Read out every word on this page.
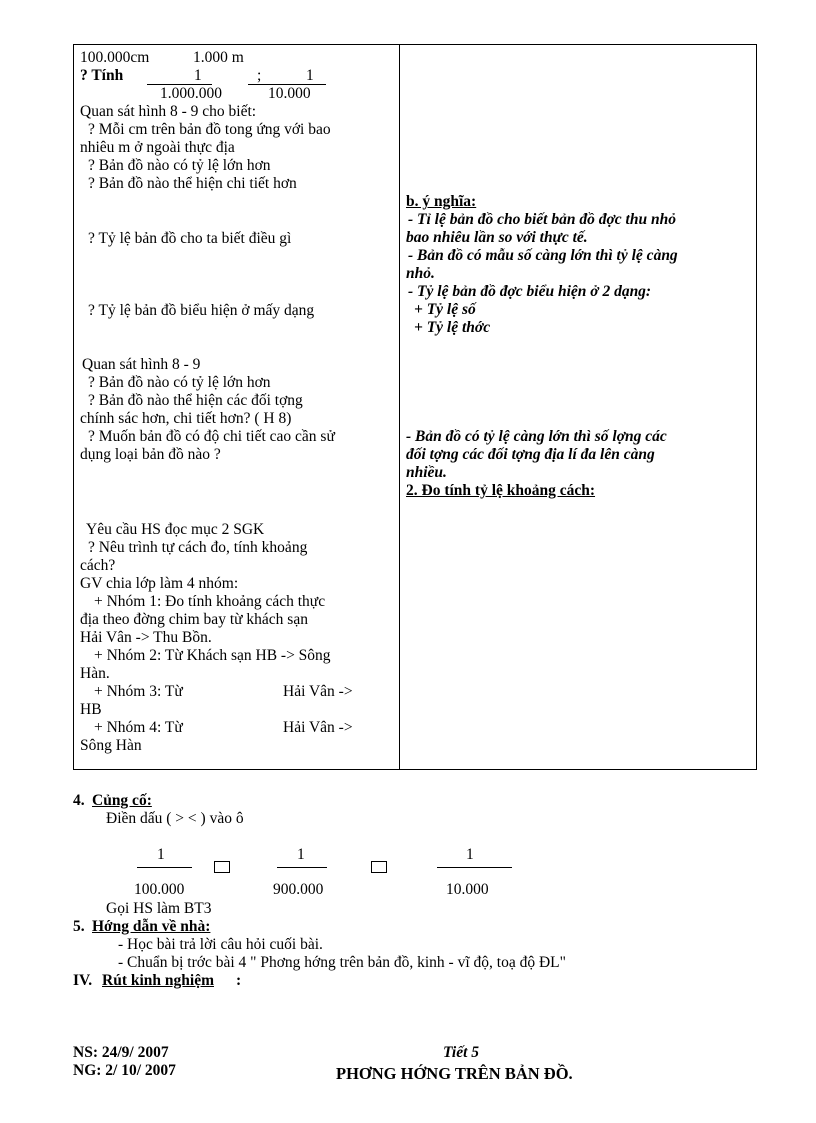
100.000cm	1.000 m
? Tính	1	;	1
1.000.000	10.000
Quan sát hình 8 - 9 cho biết:
? Mỗi cm trên bản đồ tong ứng với bao
nhiêu m ở ngoài thực địa
? Bản đồ nào có tỷ lệ lớn hơn
? Bản đồ nào thể hiện chi tiết hơn
? Tỷ lệ bản đồ cho ta biết điều gì
? Tỷ lệ bản đồ biểu hiện ở mấy dạng
Quan sát hình 8 - 9
? Bản đồ nào có tỷ lệ lớn hơn
? Bản đồ nào thể hiện các đối tợng
chính sác hơn, chi tiết hơn? ( H 8)
? Muốn bản đồ có độ chi tiết cao cần sử
dụng loại bản đồ nào ?
Yêu cầu HS đọc mục 2 SGK
? Nêu trình tự cách đo, tính khoảng
cách?
GV chia lớp làm 4 nhóm:
+ Nhóm 1: Đo tính khoảng cách thực
địa theo đờng chim bay từ khách sạn
Hải Vân -> Thu Bồn.
+ Nhóm 2: Từ Khách sạn HB -> Sông
Hàn.
+ Nhóm 3: Từ	Hải Vân ->
HB
+ Nhóm 4: Từ	Hải Vân ->
Sông Hàn
b. ý nghĩa:
- Tỉ lệ bản đồ cho biết bản đồ đợc thu nhỏ
bao nhiêu lần so với thực tế.
- Bản đồ có mẫu số càng lớn thì tỷ lệ càng
nhỏ.
- Tỷ lệ bản đồ đợc biểu hiện ở 2 dạng:
+ Tỷ lệ số
+ Tỷ lệ thớc
- Bản đồ có tỷ lệ càng lớn thì số lợng các
đối tợng các đối tợng địa lí đa lên càng
nhiều.
2. Đo tính tỷ lệ khoảng cách:
4. Củng cố:
Điền dấu ( > < ) vào ô
1
100.000
1
900.000
1
10.000
Gọi HS làm BT3
5. Hớng dẫn về nhà:
- Học bài trả lời câu hỏi cuối bài.
- Chuẩn bị trớc bài 4 " Phơng hớng trên bản đồ, kinh - vĩ độ, toạ độ ĐL"
IV. Rút kinh nghiệm :
NS: 24/9/ 2007
NG: 2/ 10/ 2007
Tiết 5
PHƠNG HỚNG TRÊN BẢN ĐỒ.
